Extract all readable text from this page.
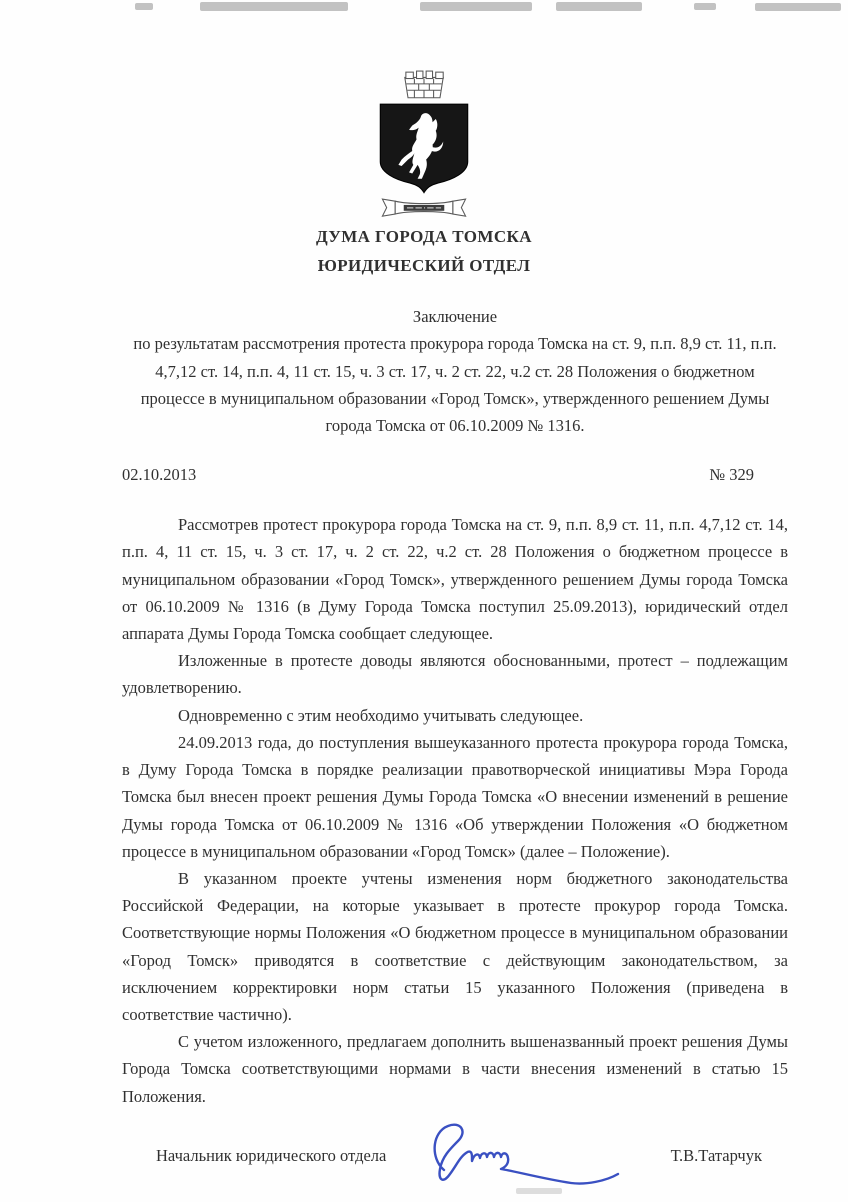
ДУМА ГОРОДА ТОМСКА
ЮРИДИЧЕСКИЙ ОТДЕЛ
Заключение
по результатам рассмотрения протеста прокурора города Томска на ст. 9, п.п. 8,9 ст. 11, п.п. 4,7,12 ст. 14, п.п. 4, 11 ст. 15, ч. 3 ст. 17, ч. 2 ст. 22, ч.2 ст. 28 Положения о бюджетном процессе в муниципальном образовании «Город Томск», утвержденного решением Думы города Томска от 06.10.2009 № 1316.
02.10.2013	№ 329

Рассмотрев протест прокурора города Томска на ст. 9, п.п. 8,9 ст. 11, п.п. 4,7,12 ст. 14, п.п. 4, 11 ст. 15, ч. 3 ст. 17, ч. 2 ст. 22, ч.2 ст. 28 Положения о бюджетном процессе в муниципальном образовании «Город Томск», утвержденного решением Думы города Томска от 06.10.2009 № 1316 (в Думу Города Томска поступил 25.09.2013), юридический отдел аппарата Думы Города Томска сообщает следующее.

Изложенные в протесте доводы являются обоснованными, протест – подлежащим удовлетворению.

Одновременно с этим необходимо учитывать следующее.

24.09.2013 года, до поступления вышеуказанного протеста прокурора города Томска, в Думу Города Томска в порядке реализации правотворческой инициативы Мэра Города Томска был внесен проект решения Думы Города Томска «О внесении изменений в решение Думы города Томска от 06.10.2009 № 1316 «Об утверждении Положения «О бюджетном процессе в муниципальном образовании «Город Томск» (далее – Положение).

В указанном проекте учтены изменения норм бюджетного законодательства Российской Федерации, на которые указывает в протесте прокурор города Томска. Соответствующие нормы Положения «О бюджетном процессе в муниципальном образовании «Город Томск» приводятся в соответствие с действующим законодательством, за исключением корректировки норм статьи 15 указанного Положения (приведена в соответствие частично).

С учетом изложенного, предлагаем дополнить вышеназванный проект решения Думы Города Томска соответствующими нормами в части внесения изменений в статью 15 Положения.

Начальник юридического отдела	Т.В.Татарчук
